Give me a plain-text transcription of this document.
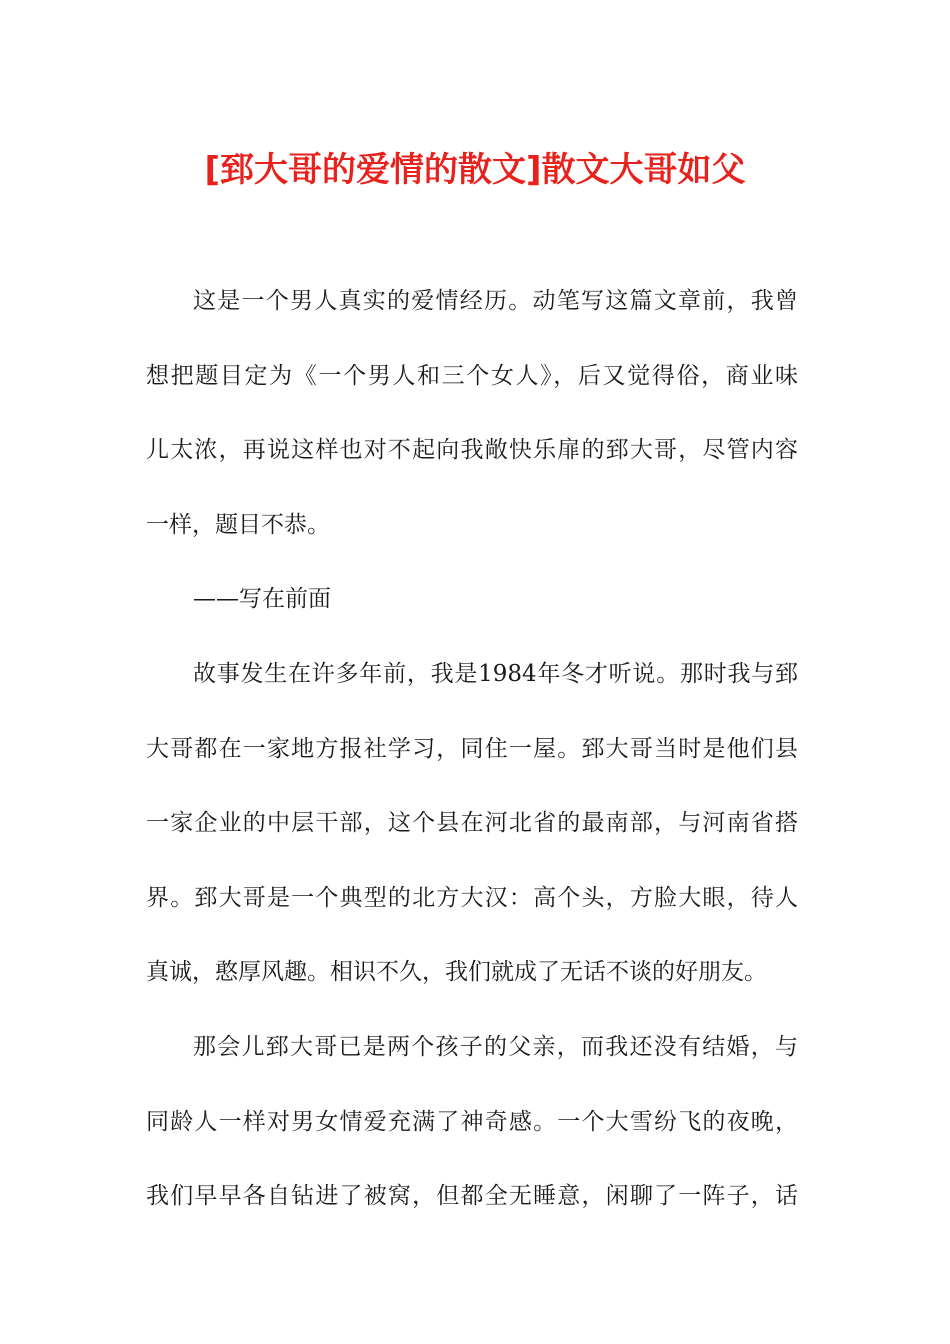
[郅大哥的爱情的散文]散文大哥如父
这是一个男人真实的爱情经历。动笔写这篇文章前，我曾
想把题目定为《一个男人和三个女人》，后又觉得俗，商业味
儿太浓，再说这样也对不起向我敞快乐扉的郅大哥，尽管内容
一样，题目不恭。
——写在前面
故事发生在许多年前，我是1984年冬才听说。那时我与郅
大哥都在一家地方报社学习，同住一屋。郅大哥当时是他们县
一家企业的中层干部，这个县在河北省的最南部，与河南省搭
界。郅大哥是一个典型的北方大汉：高个头，方脸大眼，待人
真诚，憨厚风趣。相识不久，我们就成了无话不谈的好朋友。
那会儿郅大哥已是两个孩子的父亲，而我还没有结婚，与
同龄人一样对男女情爱充满了神奇感。一个大雪纷飞的夜晚，
我们早早各自钻进了被窝，但都全无睡意，闲聊了一阵子，话
